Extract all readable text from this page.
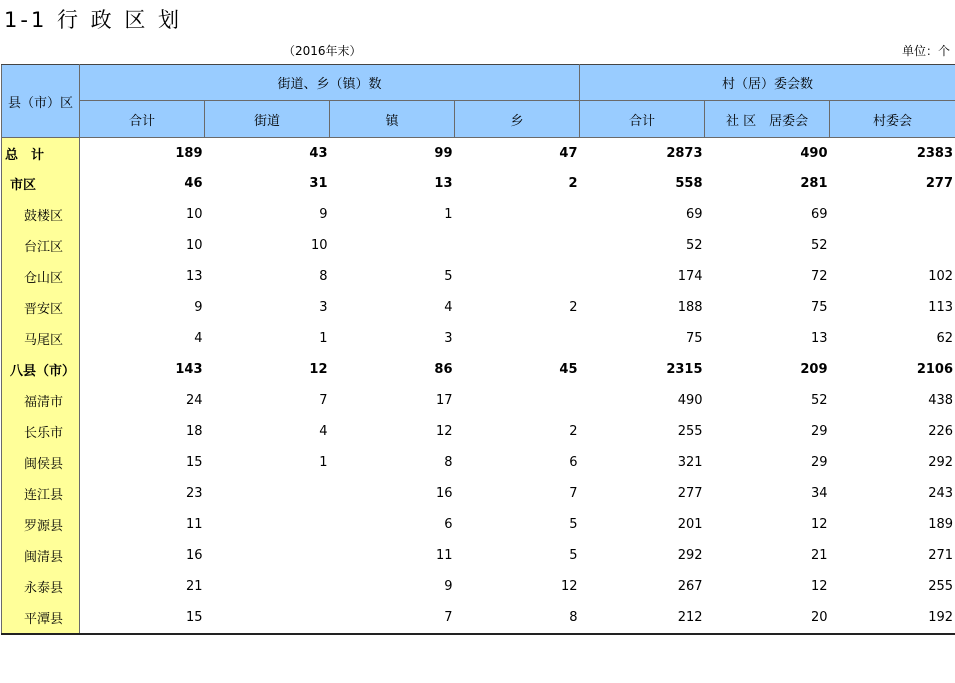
1-1 行 政 区 划
（2016年末）	单位：个
县（市）区	街道、乡（镇）数				村（居）委会数		
	合计	街道	镇	乡	合计	社 区　居委会	村委会
总　计	189	43	99	47	2873	490	2383
市区	46	31	13	2	558	281	277
鼓楼区	10	9	1		69	69	
台江区	10	10			52	52	
仓山区	13	8	5		174	72	102
晋安区	9	3	4	2	188	75	113
马尾区	4	1	3		75	13	62
八县（市）	143	12	86	45	2315	209	2106
福清市	24	7	17		490	52	438
长乐市	18	4	12	2	255	29	226
闽侯县	15	1	8	6	321	29	292
连江县	23		16	7	277	34	243
罗源县	11		6	5	201	12	189
闽清县	16		11	5	292	21	271
永泰县	21		9	12	267	12	255
平潭县	15		7	8	212	20	192
